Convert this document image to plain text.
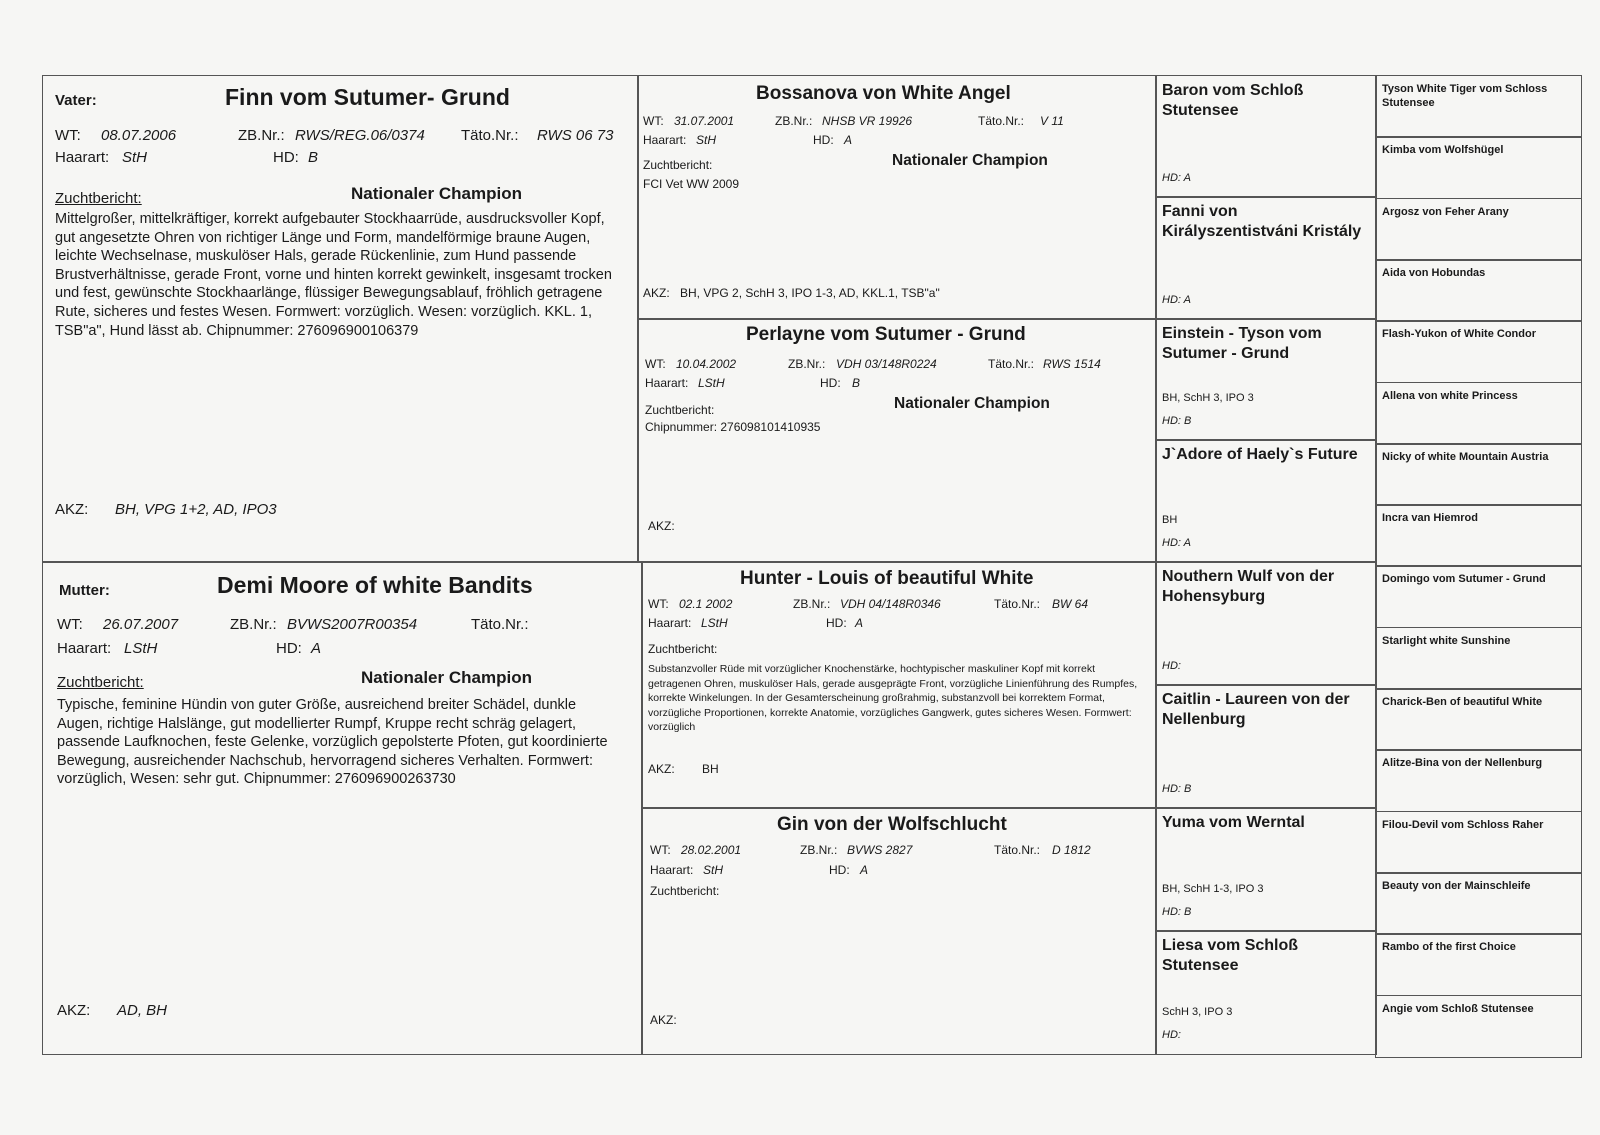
Vater:	Finn vom Sutumer- Grund
WT: 08.07.2006	ZB.Nr.: RWS/REG.06/0374 Täto.Nr.: RWS 06 73
Haarart: StH	HD: B
Zuchtbericht:	Nationaler Champion
Mittelgroßer, mittelkräftiger, korrekt aufgebauter Stockhaarrüde, ausdrucksvoller Kopf, gut angesetzte Ohren von richtiger Länge und Form, mandelförmige braune Augen, leichte Wechselnase, muskulöser Hals, gerade Rückenlinie, zum Hund passende Brustverhältnisse, gerade Front, vorne und hinten korrekt gewinkelt, insgesamt trocken und fest, gewünschte Stockhaarlänge, flüssiger Bewegungsablauf, fröhlich getragene Rute, sicheres und festes Wesen. Formwert: vorzüglich. Wesen: vorzüglich. KKL. 1, TSB"a", Hund lässt ab. Chipnummer: 276096900106379
AKZ: BH, VPG 1+2, AD, IPO3
Mutter:	Demi Moore of white Bandits
WT: 26.07.2007	ZB.Nr.: BVWS2007R00354	Täto.Nr.:
Haarart: LStH	HD: A
Zuchtbericht:	Nationaler Champion
Typische, feminine Hündin von guter Größe, ausreichend breiter Schädel, dunkle Augen, richtige Halslänge, gut modellierter Rumpf, Kruppe recht schräg gelagert, passende Laufknochen, feste Gelenke, vorzüglich gepolsterte Pfoten, gut koordinierte Bewegung, ausreichender Nachschub, hervorragend sicheres Verhalten. Formwert: vorzüglich, Wesen: sehr gut. Chipnummer: 276096900263730
AKZ: AD, BH
Bossanova von White Angel
WT: 31.07.2001	ZB.Nr.: NHSB VR 19926	Täto.Nr.: V 11
Haarart: StH	HD: A
Zuchtbericht:	Nationaler Champion
FCI Vet WW 2009
AKZ: BH, VPG 2, SchH 3, IPO 1-3, AD, KKL.1, TSB"a"
Perlayne vom Sutumer - Grund
WT: 10.04.2002	ZB.Nr.: VDH 03/148R0224	Täto.Nr.: RWS 1514
Haarart: LStH	HD: B
Zuchtbericht:	Nationaler Champion
Chipnummer: 276098101410935
AKZ:
Hunter - Louis of beautiful White
WT: 02.1 2002	ZB.Nr.: VDH 04/148R0346	Täto.Nr.: BW 64
Haarart: LStH	HD: A
Zuchtbericht:
Substanzvoller Rüde mit vorzüglicher Knochenstärke, hochtypischer maskuliner Kopf mit korrekt getragenen Ohren, muskulöser Hals, gerade ausgeprägte Front, vorzügliche Linienführung des Rumpfes, korrekte Winkelungen. In der Gesamterscheinung großrahmig, substanzvoll bei korrektem Format, vorzügliche Proportionen, korrekte Anatomie, vorzügliches Gangwerk, gutes sicheres Wesen. Formwert: vorzüglich
AKZ: BH
Gin von der Wolfschlucht
WT: 28.02.2001	ZB.Nr.: BVWS 2827	Täto.Nr.: D 1812
Haarart: StH	HD: A
Zuchtbericht:
AKZ:
Baron vom Schloß Stutensee
HD: A
Fanni von Királyszentistváni Kristály
HD: A
Einstein - Tyson vom Sutumer - Grund
BH, SchH 3, IPO 3
HD: B
J`Adore of Haely`s Future
BH
HD: A
Nouthern Wulf von der Hohensyburg
HD:
Caitlin - Laureen von der Nellenburg
HD: B
Yuma vom Werntal
BH, SchH 1-3, IPO 3
HD: B
Liesa vom Schloß Stutensee
SchH 3, IPO 3
HD:
Tyson White Tiger vom Schloss Stutensee
Kimba vom Wolfshügel
Argosz von Feher Arany
Aida von Hobundas
Flash-Yukon of White Condor
Allena von white Princess
Nicky of white Mountain Austria
Incra van Hiemrod
Domingo vom Sutumer - Grund
Starlight white Sunshine
Charick-Ben of beautiful White
Alitze-Bina von der Nellenburg
Filou-Devil vom Schloss Raher
Beauty von der Mainschleife
Rambo of the first Choice
Angie vom Schloß Stutensee
